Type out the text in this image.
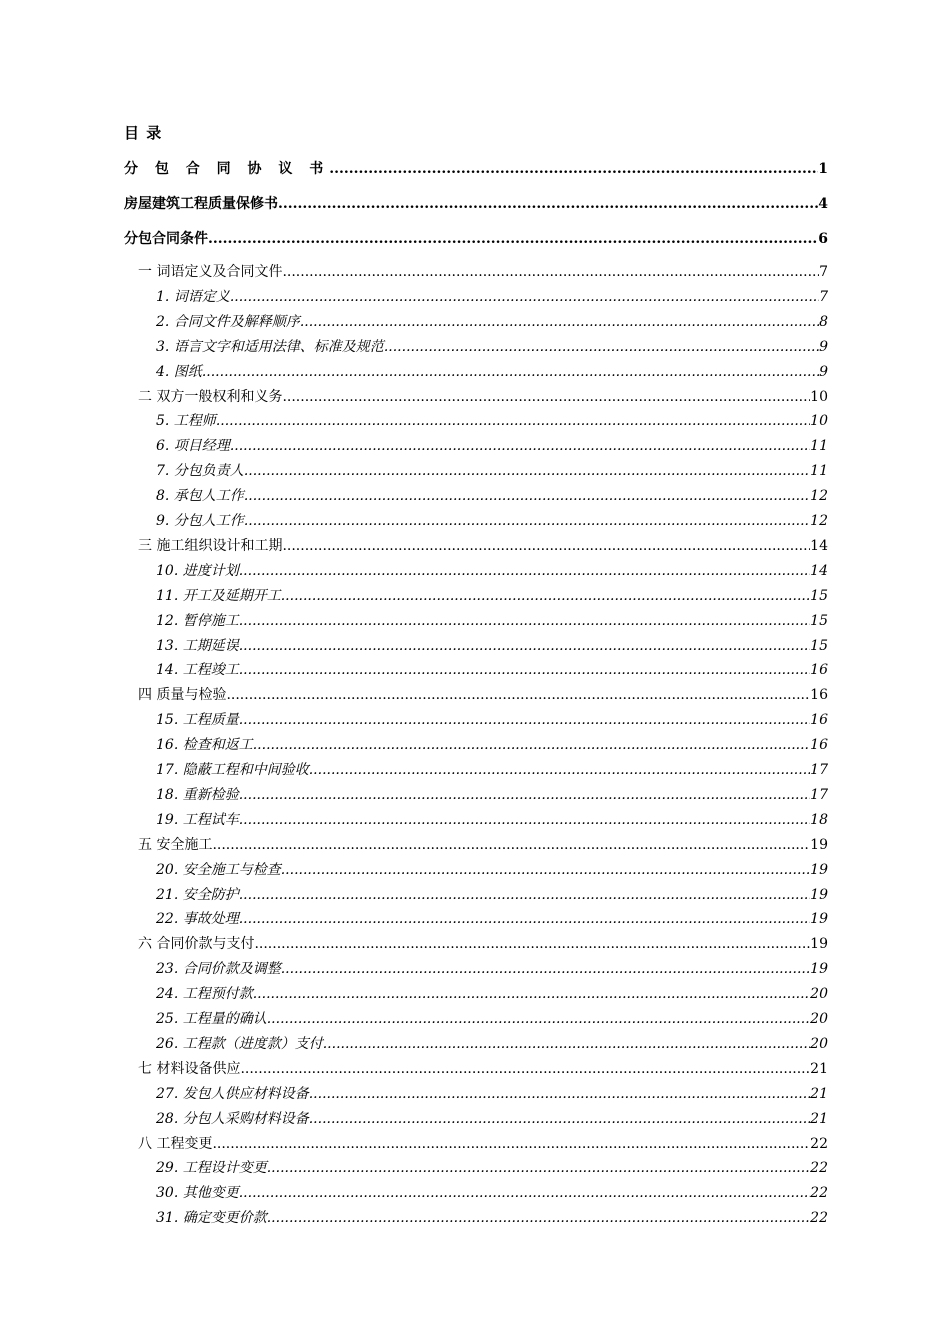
目 录
分 包 合 同 协 议 书 .....	1
房屋建筑工程质量保修书 .....	4
分包合同条件 .....	6
一 词语定义及合同文件 .....	7
1. 词语定义 .....	7
2. 合同文件及解释顺序 .....	8
3. 语言文字和适用法律、标准及规范 .....	9
4. 图纸 .....	9
二 双方一般权利和义务 .....	10
5. 工程师 .....	10
6. 项目经理 .....	11
7. 分包负责人 .....	11
8. 承包人工作 .....	12
9. 分包人工作 .....	12
三 施工组织设计和工期 .....	14
10. 进度计划 .....	14
11. 开工及延期开工 .....	15
12. 暂停施工 .....	15
13. 工期延误 .....	15
14. 工程竣工 .....	16
四 质量与检验 .....	16
15. 工程质量 .....	16
16. 检查和返工 .....	16
17. 隐蔽工程和中间验收 .....	17
18. 重新检验 .....	17
19. 工程试车 .....	18
五 安全施工 .....	19
20. 安全施工与检查 .....	19
21. 安全防护 .....	19
22. 事故处理 .....	19
六 合同价款与支付 .....	19
23. 合同价款及调整 .....	19
24. 工程预付款 .....	20
25. 工程量的确认 .....	20
26. 工程款（进度款）支付 .....	20
七 材料设备供应 .....	21
27. 发包人供应材料设备 .....	21
28. 分包人采购材料设备 .....	21
八 工程变更 .....	22
29. 工程设计变更 .....	22
30. 其他变更 .....	22
31. 确定变更价款 .....	22
